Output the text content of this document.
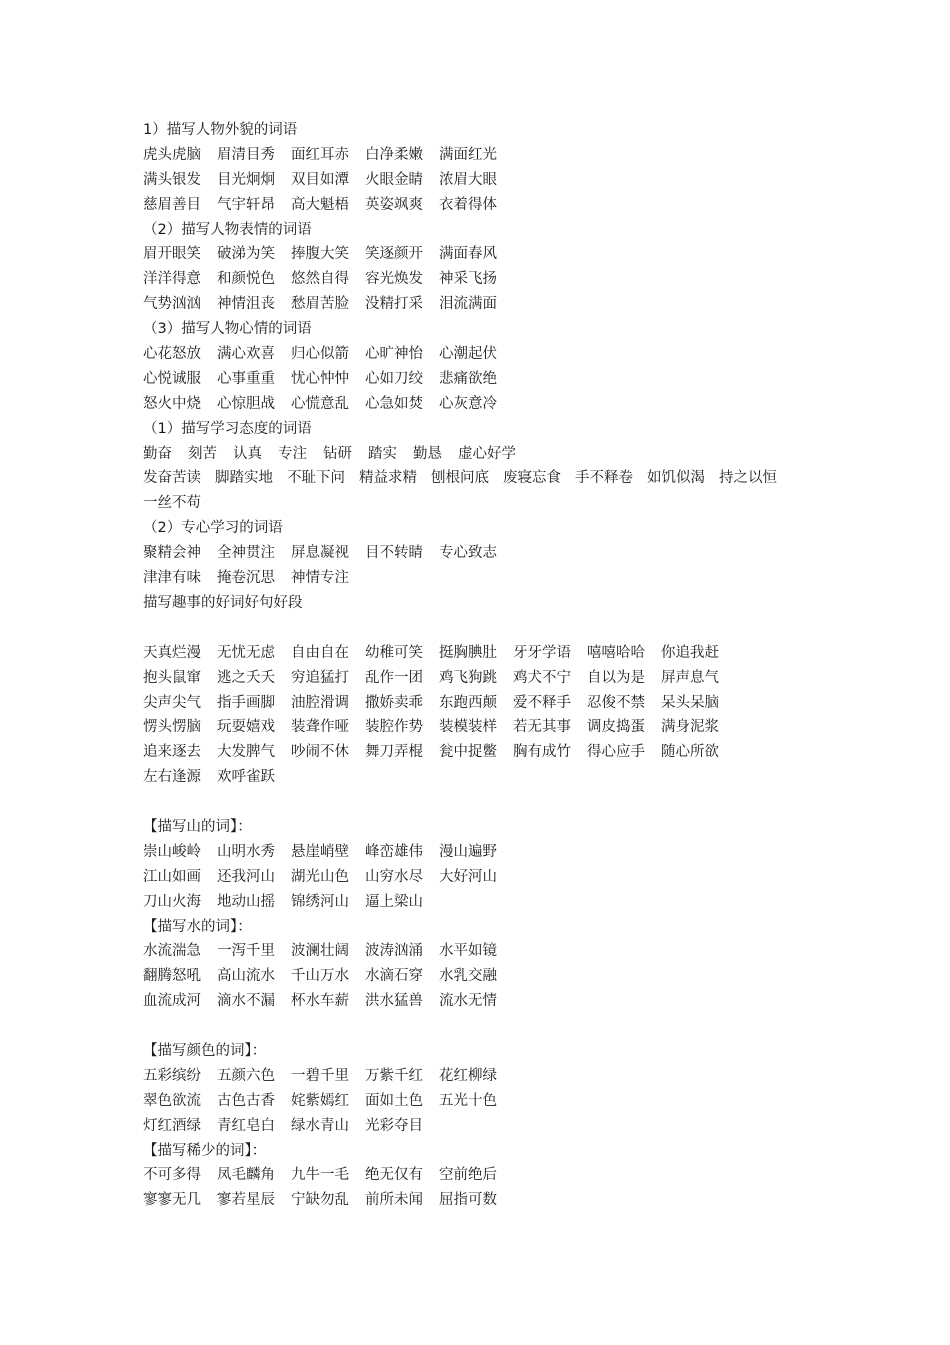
1）描写人物外貌的词语
虎头虎脑 眉清目秀 面红耳赤 白净柔嫩 满面红光
满头银发 目光炯炯 双目如潭 火眼金睛 浓眉大眼
慈眉善目 气宇轩昂 高大魁梧 英姿飒爽 衣着得体
（2）描写人物表情的词语
眉开眼笑 破涕为笑 捧腹大笑 笑逐颜开 满面春风
洋洋得意 和颜悦色 悠然自得 容光焕发 神采飞扬
气势汹汹 神情沮丧 愁眉苦脸 没精打采 泪流满面
（3）描写人物心情的词语
心花怒放 满心欢喜 归心似箭 心旷神怡 心潮起伏
心悦诚服 心事重重 忧心忡忡 心如刀绞 悲痛欲绝
怒火中烧 心惊胆战 心慌意乱 心急如焚 心灰意冷
（1）描写学习态度的词语
勤奋 刻苦 认真 专注 钻研 踏实 勤恳 虚心好学
发奋苦读 脚踏实地 不耻下问 精益求精 刨根问底 废寝忘食 手不释卷 如饥似渴 持之以恒一丝不苟
（2）专心学习的词语
聚精会神 全神贯注 屏息凝视 目不转睛 专心致志
津津有味 掩卷沉思 神情专注
描写趣事的好词好句好段
天真烂漫 无忧无虑 自由自在 幼稚可笑 挺胸腆肚 牙牙学语 嘻嘻哈哈 你追我赶
抱头鼠窜 逃之夭夭 穷追猛打 乱作一团 鸡飞狗跳 鸡犬不宁 自以为是 屏声息气
尖声尖气 指手画脚 油腔滑调 撒娇卖乖 东跑西颠 爱不释手 忍俊不禁 呆头呆脑
愣头愣脑 玩耍嬉戏 装聋作哑 装腔作势 装模装样 若无其事 调皮捣蛋 满身泥浆
追来逐去 大发脾气 吵闹不休 舞刀弄棍 瓮中捉鳖 胸有成竹 得心应手 随心所欲
左右逢源 欢呼雀跃
【描写山的词】：
崇山峻岭 山明水秀 悬崖峭壁 峰峦雄伟 漫山遍野
江山如画 还我河山 湖光山色 山穷水尽 大好河山
刀山火海 地动山摇 锦绣河山 逼上梁山
【描写水的词】：
水流湍急 一泻千里 波澜壮阔 波涛汹涌 水平如镜
翻腾怒吼 高山流水 千山万水 水滴石穿 水乳交融
血流成河 滴水不漏 杯水车薪 洪水猛兽 流水无情
【描写颜色的词】：
五彩缤纷 五颜六色 一碧千里 万紫千红 花红柳绿
翠色欲流 古色古香 姹紫嫣红 面如土色 五光十色
灯红酒绿 青红皂白 绿水青山 光彩夺目
【描写稀少的词】：
不可多得 凤毛麟角 九牛一毛 绝无仅有 空前绝后
寥寥无几 寥若星辰 宁缺勿乱 前所未闻 屈指可数
